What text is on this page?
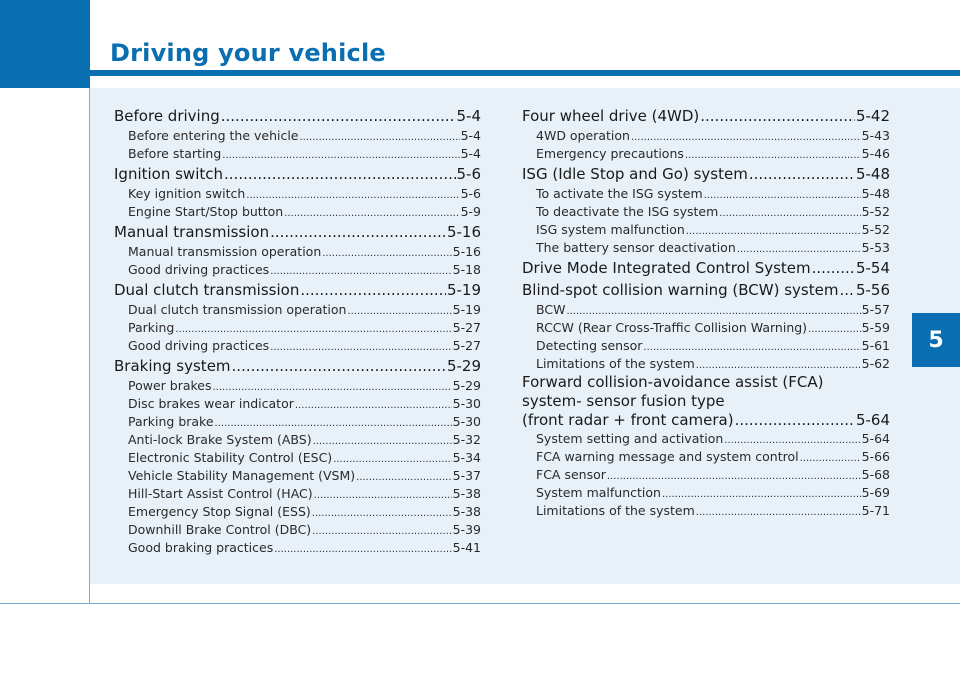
Driving your vehicle
5
Before driving .....	5-4
Before entering the vehicle .....	5-4
Before starting .....	5-4
Ignition switch .....	5-6
Key ignition switch .....	5-6
Engine Start/Stop button .....	5-9
Manual transmission .....	5-16
Manual transmission operation .....	5-16
Good driving practices .....	5-18
Dual clutch transmission .....	5-19
Dual clutch transmission operation .....	5-19
Parking .....	5-27
Good driving practices .....	5-27
Braking system .....	5-29
Power brakes .....	5-29
Disc brakes wear indicator .....	5-30
Parking brake .....	5-30
Anti-lock Brake System (ABS) .....	5-32
Electronic Stability Control (ESC) .....	5-34
Vehicle Stability Management (VSM) .....	5-37
Hill-Start Assist Control (HAC) .....	5-38
Emergency Stop Signal (ESS) .....	5-38
Downhill Brake Control (DBC) .....	5-39
Good braking practices .....	5-41
Four wheel drive (4WD) .....	5-42
4WD operation .....	5-43
Emergency precautions .....	5-46
ISG (Idle Stop and Go) system .....	5-48
To activate the ISG system .....	5-48
To deactivate the ISG system .....	5-52
ISG system malfunction .....	5-52
The battery sensor deactivation .....	5-53
Drive Mode Integrated Control System .....	5-54
Blind-spot collision warning (BCW) system ..... 5-56
BCW .....	5-57
RCCW (Rear Cross-Traffic Collision Warning) .....	5-59
Detecting sensor .....	5-61
Limitations of the system .....	5-62
Forward collision-avoidance assist (FCA)
system- sensor fusion type
(front radar + front camera) .....	5-64
System setting and activation .....	5-64
FCA warning message and system control .....	5-66
FCA sensor .....	5-68
System malfunction .....	5-69
Limitations of the system .....	5-71
